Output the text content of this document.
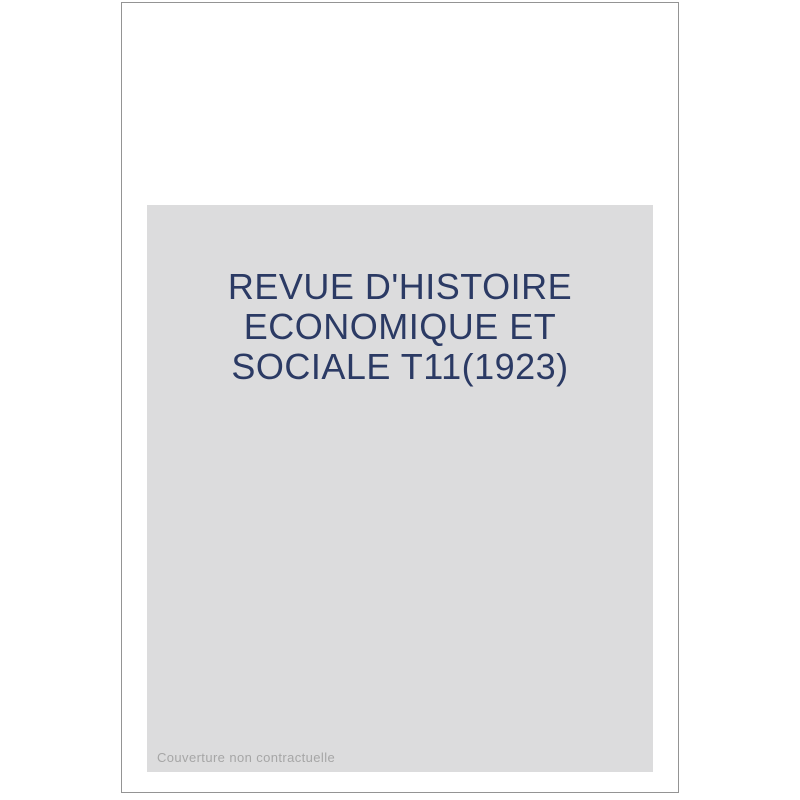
REVUE D'HISTOIRE
ECONOMIQUE ET
SOCIALE T11(1923)
Couverture non contractuelle
